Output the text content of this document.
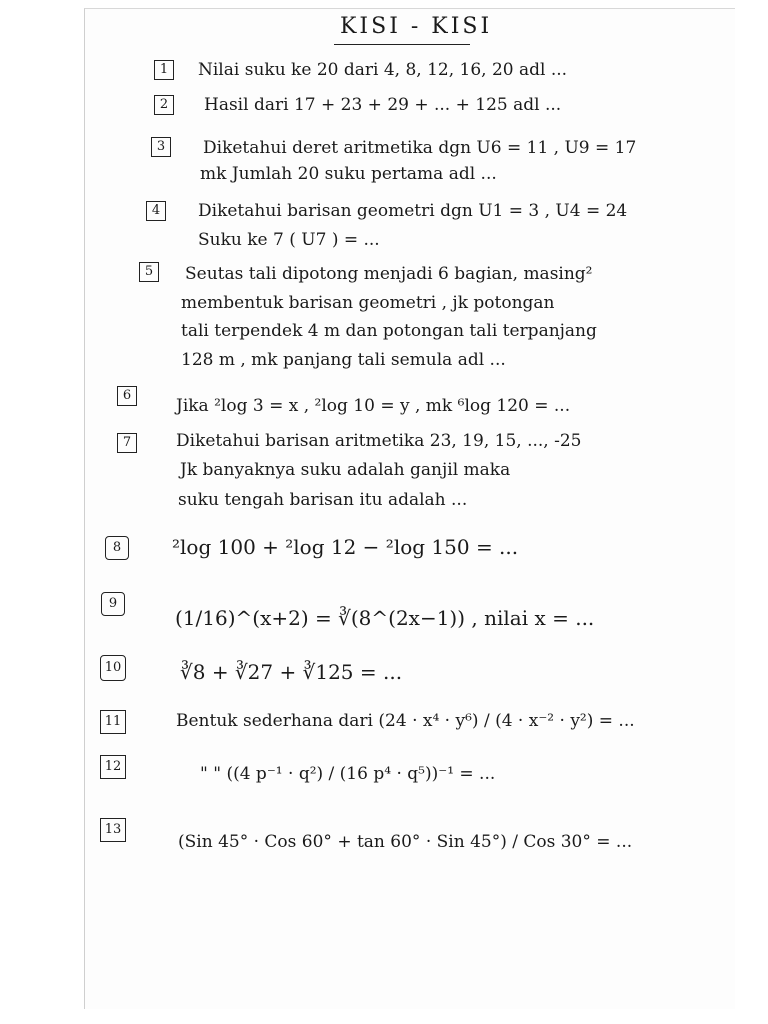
KISI - KISI
1	Nilai suku ke 20 dari 4, 8, 12, 16, 20 adl ...
2	Hasil dari 17 + 23 + 29 + ... + 125 adl ...
3	Diketahui deret aritmetika dgn U6 = 11 , U9 = 17
mk Jumlah 20 suku pertama adl ...
4	Diketahui barisan geometri dgn U1 = 3 , U4 = 24
Suku ke 7 ( U7 ) = ...
5	Seutas tali dipotong menjadi 6 bagian, masing²
membentuk barisan geometri , jk potongan
tali terpendek 4 m dan potongan tali terpanjang
128 m , mk panjang tali semula adl ...
6
Jika ²log 3 = x , ²log 10 = y , mk ⁶log 120 = ...
7	Diketahui barisan aritmetika 23, 19, 15, ..., -25
Jk banyaknya suku adalah ganjil maka
suku tengah barisan itu adalah ...
8	²log 100 + ²log 12 − ²log 150 = ...
9
(1/16)^(x+2) = ∛(8^(2x−1)) , nilai x = ...
10	∛8 + ∛27 + ∛125 = ...
11	Bentuk sederhana dari (24 · x⁴ · y⁶) / (4 · x⁻² · y²) = ...
12	" " ((4 p⁻¹ · q²) / (16 p⁴ · q⁵))⁻¹ = ...
13
(Sin 45° · Cos 60° + tan 60° · Sin 45°) / Cos 30° = ...
